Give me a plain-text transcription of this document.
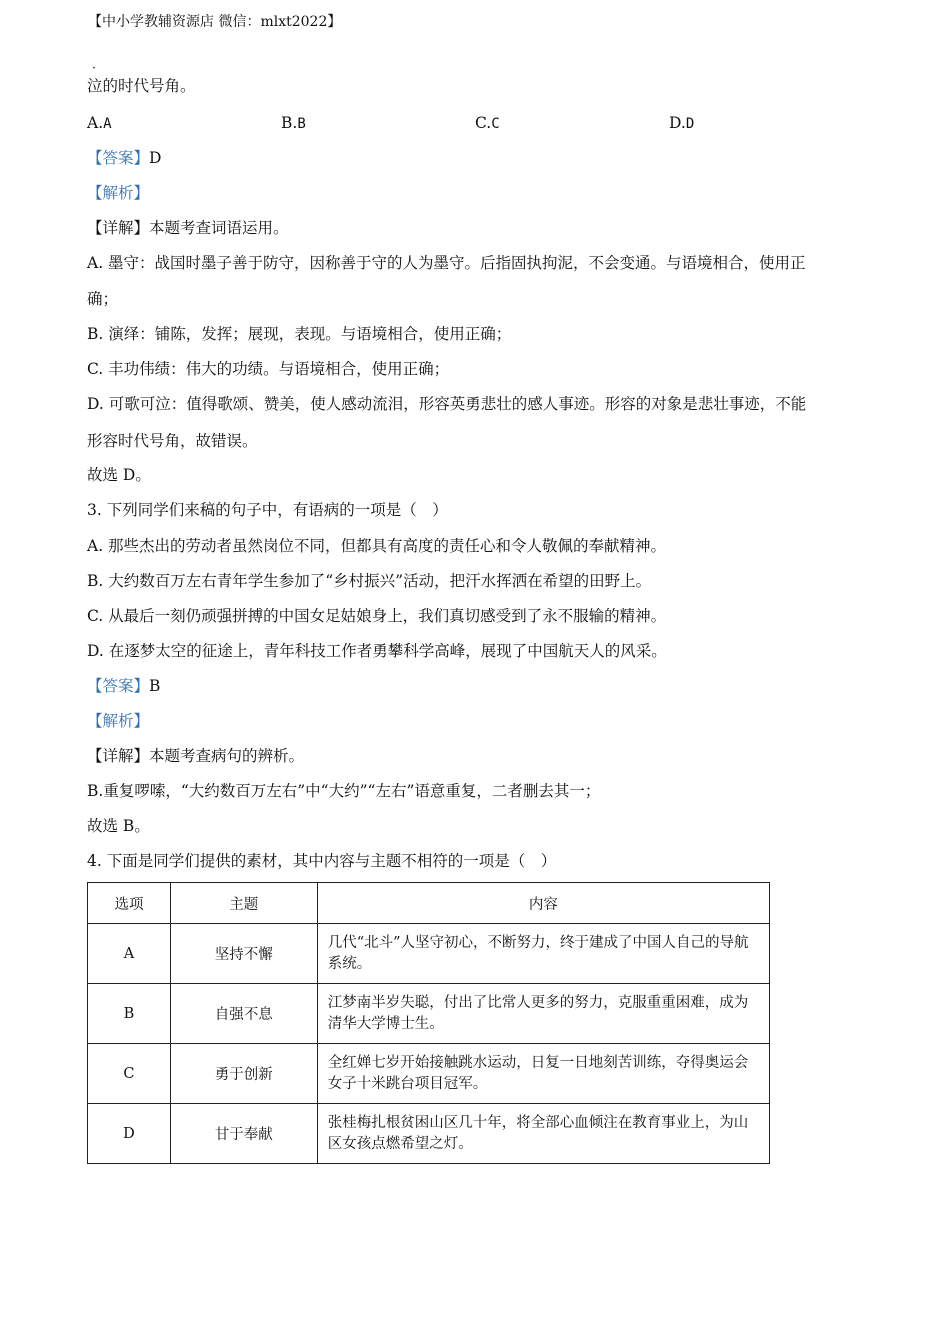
【中小学教辅资源店 微信：mlxt2022】
·
泣的时代号角。
A.A	B.B	C.C	D.D
【答案】D
【解析】
【详解】本题考查词语运用。
A. 墨守：战国时墨子善于防守，因称善于守的人为墨守。后指固执拘泥，不会变通。与语境相合，使用正
确；
B. 演绎：铺陈，发挥；展现，表现。与语境相合，使用正确；
C. 丰功伟绩：伟大的功绩。与语境相合，使用正确；
D. 可歌可泣：值得歌颂、赞美，使人感动流泪，形容英勇悲壮的感人事迹。形容的对象是悲壮事迹，不能
形容时代号角，故错误。
故选 D。
3. 下列同学们来稿的句子中，有语病的一项是（　）
A. 那些杰出的劳动者虽然岗位不同，但都具有高度的责任心和令人敬佩的奉献精神。
B. 大约数百万左右青年学生参加了“乡村振兴”活动，把汗水挥洒在希望的田野上。
C. 从最后一刻仍顽强拼搏的中国女足姑娘身上，我们真切感受到了永不服输的精神。
D. 在逐梦太空的征途上，青年科技工作者勇攀科学高峰，展现了中国航天人的风采。
【答案】B
【解析】
【详解】本题考查病句的辨析。
B.重复啰嗦，“大约数百万左右”中“大约”“左右”语意重复，二者删去其一；
故选 B。
4. 下面是同学们提供的素材，其中内容与主题不相符的一项是（　）
选项	主题	内容
A	坚持不懈	几代“北斗”人坚守初心，不断努力，终于建成了中国人自己的导航系统。

B	自强不息	江梦南半岁失聪，付出了比常人更多的努力，克服重重困难，成为清华大学博士生。

C	勇于创新	全红婵七岁开始接触跳水运动，日复一日地刻苦训练，夺得奥运会女子十米跳台项目冠军。

D	甘于奉献	张桂梅扎根贫困山区几十年，将全部心血倾注在教育事业上，为山区女孩点燃希望之灯。
